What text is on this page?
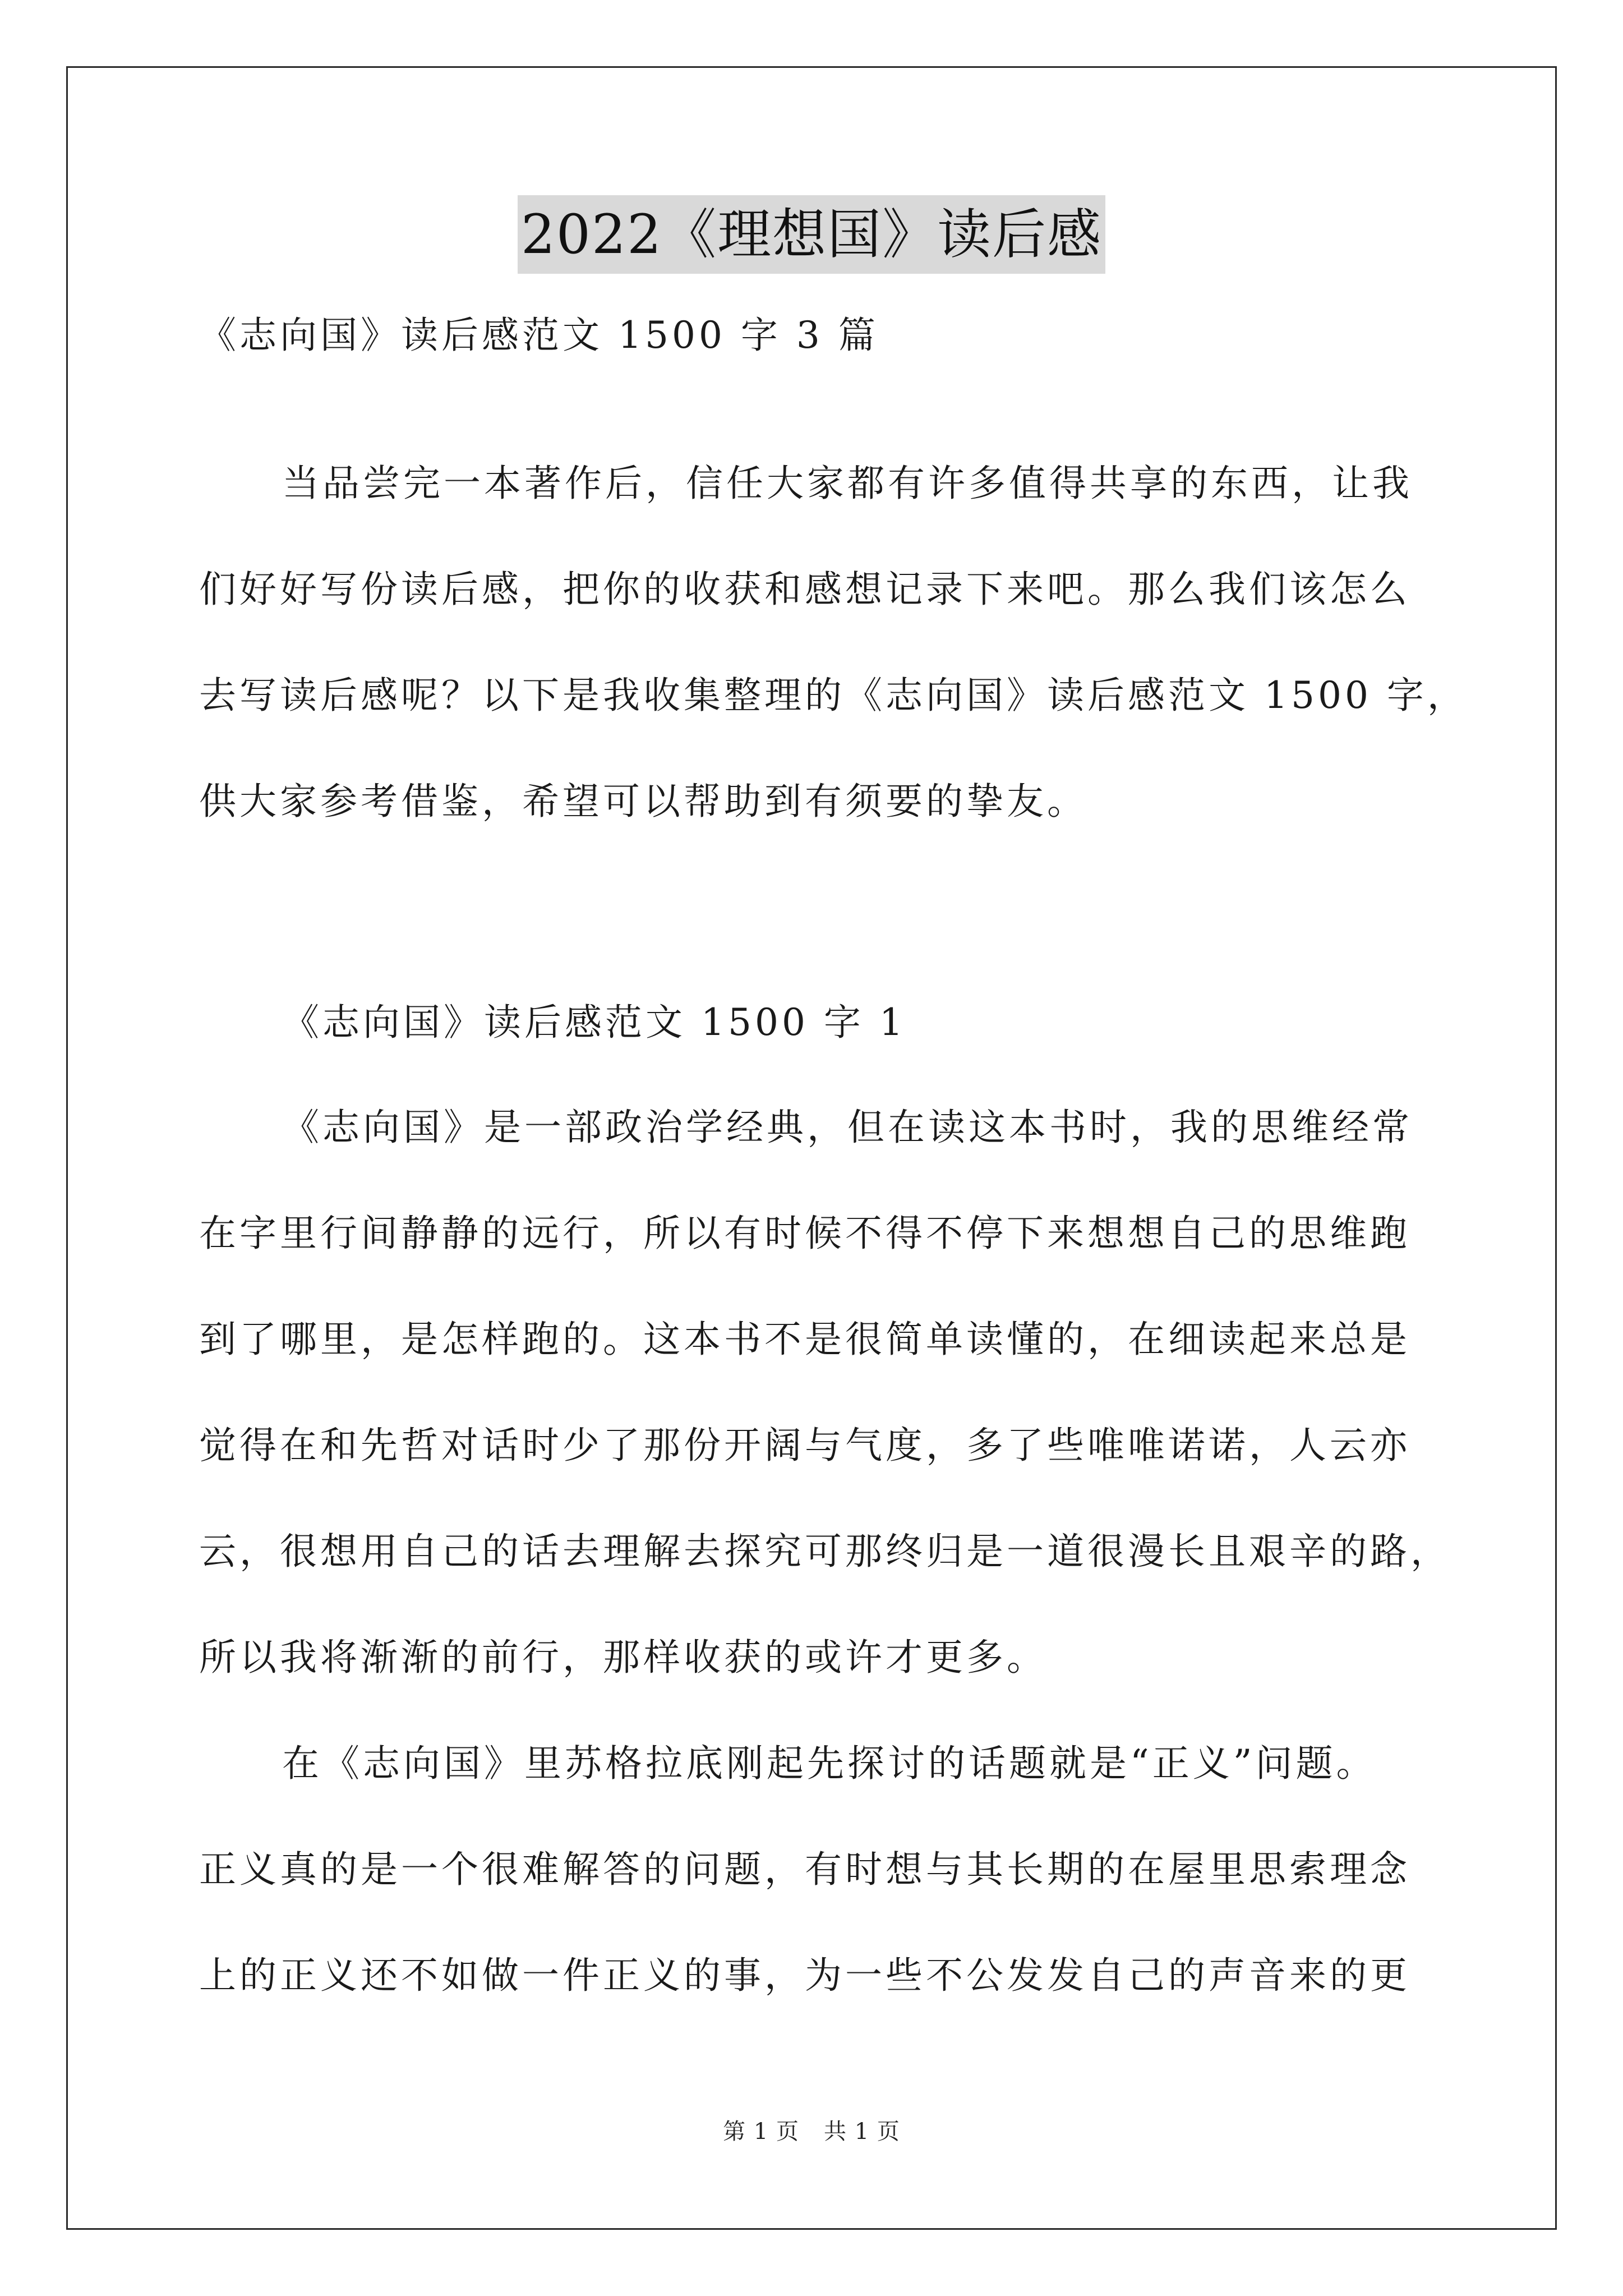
2022《理想国》读后感
《志向国》读后感范文 1500 字 3 篇
当品尝完一本著作后，信任大家都有许多值得共享的东西，让我
们好好写份读后感，把你的收获和感想记录下来吧。那么我们该怎么
去写读后感呢？以下是我收集整理的《志向国》读后感范文 1500 字，
供大家参考借鉴，希望可以帮助到有须要的挚友。
《志向国》读后感范文 1500 字 1
《志向国》是一部政治学经典，但在读这本书时，我的思维经常
在字里行间静静的远行，所以有时候不得不停下来想想自己的思维跑
到了哪里，是怎样跑的。这本书不是很简单读懂的，在细读起来总是
觉得在和先哲对话时少了那份开阔与气度，多了些唯唯诺诺，人云亦
云，很想用自己的话去理解去探究可那终归是一道很漫长且艰辛的路，
所以我将渐渐的前行，那样收获的或许才更多。
在《志向国》里苏格拉底刚起先探讨的话题就是“正义”问题。
正义真的是一个很难解答的问题，有时想与其长期的在屋里思索理念
上的正义还不如做一件正义的事，为一些不公发发自己的声音来的更
第 1 页 共 1 页
